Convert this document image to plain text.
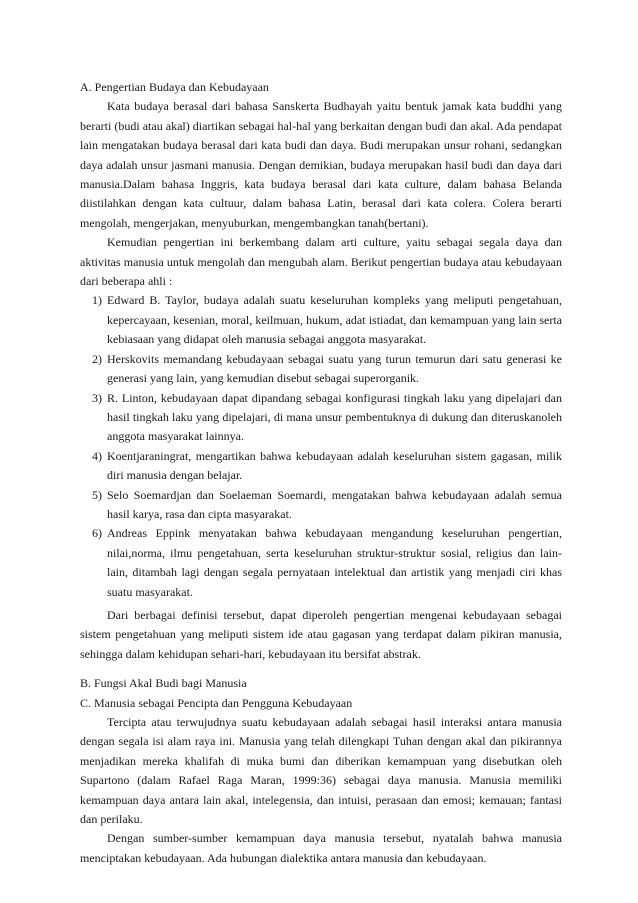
A. Pengertian Budaya dan Kebudayaan

Kata budaya berasal dari bahasa Sanskerta Budhayah yaitu bentuk jamak kata buddhi yang berarti (budi atau akal) diartikan sebagai hal-hal yang berkaitan dengan budi dan akal. Ada pendapat lain mengatakan budaya berasal dari kata budi dan daya. Budi merupakan unsur rohani, sedangkan daya adalah unsur jasmani manusia. Dengan demikian, budaya merupakan hasil budi dan daya dari manusia.Dalam bahasa Inggris, kata budaya berasal dari kata culture, dalam bahasa Belanda diistilahkan dengan kata cultuur, dalam bahasa Latin, berasal dari kata colera. Colera berarti mengolah, mengerjakan, menyuburkan, mengembangkan tanah(bertani).

Kemudian pengertian ini berkembang dalam arti culture, yaitu sebagai segala daya dan aktivitas manusia untuk mengolah dan mengubah alam. Berikut pengertian budaya atau kebudayaan dari beberapa ahli :

1) Edward B. Taylor, budaya adalah suatu keseluruhan kompleks yang meliputi pengetahuan, kepercayaan, kesenian, moral, keilmuan, hukum, adat istiadat, dan kemampuan yang lain serta kebiasaan yang didapat oleh manusia sebagai anggota masyarakat.
2) Herskovits memandang kebudayaan sebagai suatu yang turun temurun dari satu generasi ke generasi yang lain, yang kemudian disebut sebagai superorganik.
3) R. Linton, kebudayaan dapat dipandang sebagai konfigurasi tingkah laku yang dipelajari dan hasil tingkah laku yang dipelajari, di mana unsur pembentuknya di dukung dan diteruskanoleh anggota masyarakat lainnya.
4) Koentjaraningrat, mengartikan bahwa kebudayaan adalah keseluruhan sistem gagasan, milik diri manusia dengan belajar.
5) Selo Soemardjan dan Soelaeman Soemardi, mengatakan bahwa kebudayaan adalah semua hasil karya, rasa dan cipta masyarakat.
6) Andreas Eppink menyatakan bahwa kebudayaan mengandung keseluruhan pengertian, nilai,norma, ilmu pengetahuan, serta keseluruhan struktur-struktur sosial, religius dan lain-lain, ditambah lagi dengan segala pernyataan intelektual dan artistik yang menjadi ciri khas suatu masyarakat.

Dari berbagai definisi tersebut, dapat diperoleh pengertian mengenai kebudayaan sebagai sistem pengetahuan yang meliputi sistem ide atau gagasan yang terdapat dalam pikiran manusia, sehingga dalam kehidupan sehari-hari, kebudayaan itu bersifat abstrak.

B. Fungsi Akal Budi bagi Manusia
C. Manusia sebagai Pencipta dan Pengguna Kebudayaan

Tercipta atau terwujudnya suatu kebudayaan adalah sebagai hasil interaksi antara manusia dengan segala isi alam raya ini. Manusia yang telah dilengkapi Tuhan dengan akal dan pikirannya menjadikan mereka khalifah di muka bumi dan diberikan kemampuan yang disebutkan oleh Supartono (dalam Rafael Raga Maran, 1999:36) sebagai daya manusia. Manusia memiliki kemampuan daya antara lain akal, intelegensia, dan intuisi, perasaan dan emosi; kemauan; fantasi dan perilaku.

Dengan sumber-sumber kemampuan daya manusia tersebut, nyatalah bahwa manusia menciptakan kebudayaan. Ada hubungan dialektika antara manusia dan kebudayaan.
